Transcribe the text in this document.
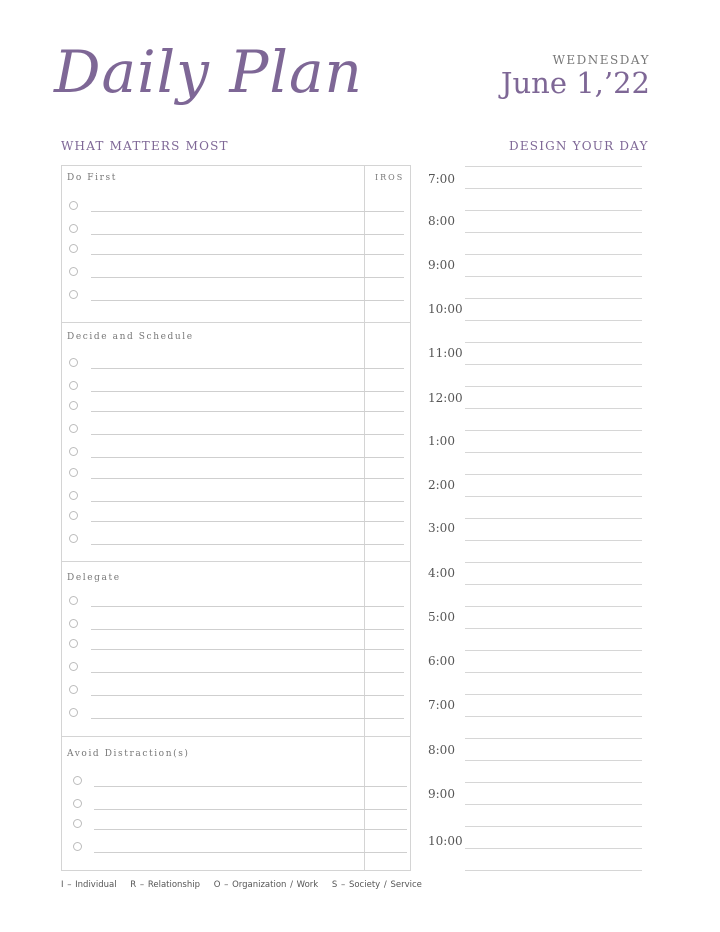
Daily Plan	WEDNESDAY
June 1,’22
WHAT MATTERS MOST	DESIGN YOUR DAY
IROS
Do First
Decide and Schedule
Delegate
Avoid Distraction(s)
7:00
8:00
9:00
10:00
11:00
12:00
1:00
2:00
3:00
4:00
5:00
6:00
7:00
8:00
9:00
10:00
I – Individual R – Relationship O – Organization / Work S – Society / Service
